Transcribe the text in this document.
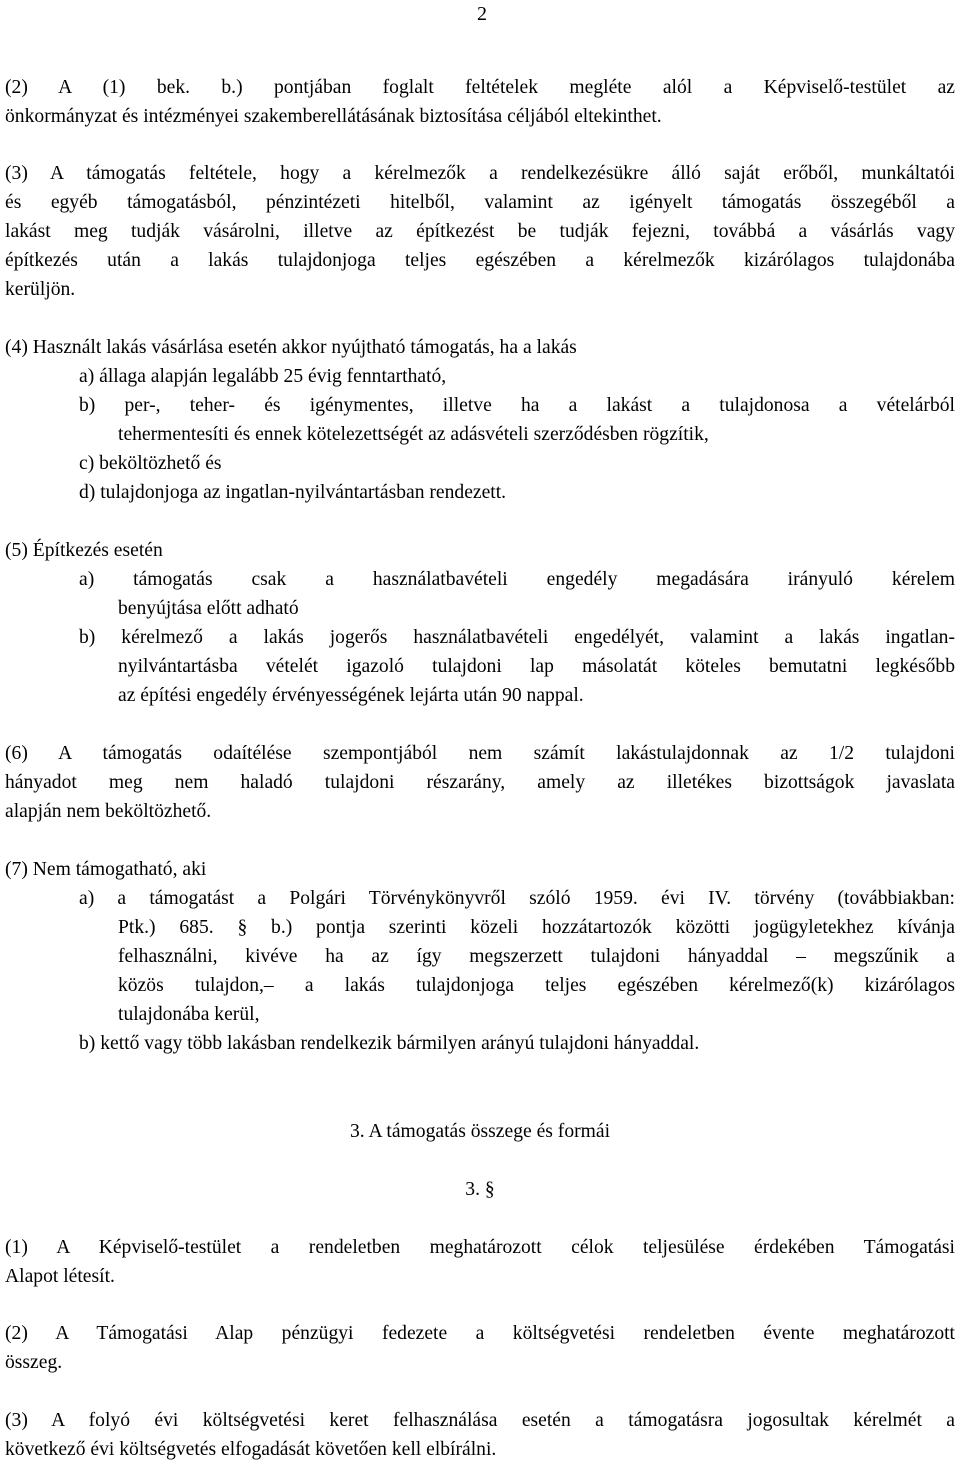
2
(2) A (1) bek. b.) pontjában foglalt feltételek megléte alól a Képviselő-testület az
önkormányzat és intézményei szakemberellátásának biztosítása céljából eltekinthet.
(3) A támogatás feltétele, hogy a kérelmezők a rendelkezésükre álló saját erőből, munkáltatói
és egyéb támogatásból, pénzintézeti hitelből, valamint az igényelt támogatás összegéből a
lakást meg tudják vásárolni, illetve az építkezést be tudják fejezni, továbbá a vásárlás vagy
építkezés után a lakás tulajdonjoga teljes egészében a kérelmezők kizárólagos tulajdonába
kerüljön.
(4) Használt lakás vásárlása esetén akkor nyújtható támogatás, ha a lakás
a) állaga alapján legalább 25 évig fenntartható,
b) per-, teher- és igénymentes, illetve ha a lakást a tulajdonosa a vételárból
tehermentesíti és ennek kötelezettségét az adásvételi szerződésben rögzítik,
c) beköltözhető és
d) tulajdonjoga az ingatlan-nyilvántartásban rendezett.
(5) Építkezés esetén
a) támogatás csak a használatbavételi engedély megadására irányuló kérelem
benyújtása előtt adható
b) kérelmező a lakás jogerős használatbavételi engedélyét, valamint a lakás ingatlan-
nyilvántartásba vételét igazoló tulajdoni lap másolatát köteles bemutatni legkésőbb
az építési engedély érvényességének lejárta után 90 nappal.
(6) A támogatás odaítélése szempontjából nem számít lakástulajdonnak az 1/2 tulajdoni
hányadot meg nem haladó tulajdoni részarány, amely az illetékes bizottságok javaslata
alapján nem beköltözhető.
(7) Nem támogatható, aki
a) a támogatást a Polgári Törvénykönyvről szóló 1959. évi IV. törvény (továbbiakban:
Ptk.) 685. § b.) pontja szerinti közeli hozzátartozók közötti jogügyletekhez kívánja
felhasználni, kivéve ha az így megszerzett tulajdoni hányaddal – megszűnik a
közös tulajdon,– a lakás tulajdonjoga teljes egészében kérelmező(k) kizárólagos
tulajdonába kerül,
b) kettő vagy több lakásban rendelkezik bármilyen arányú tulajdoni hányaddal.
3. A támogatás összege és formái
3. §
(1) A Képviselő-testület a rendeletben meghatározott célok teljesülése érdekében Támogatási
Alapot létesít.
(2) A Támogatási Alap pénzügyi fedezete a költségvetési rendeletben évente meghatározott
összeg.
(3) A folyó évi költségvetési keret felhasználása esetén a támogatásra jogosultak kérelmét a
következő évi költségvetés elfogadását követően kell elbírálni.
